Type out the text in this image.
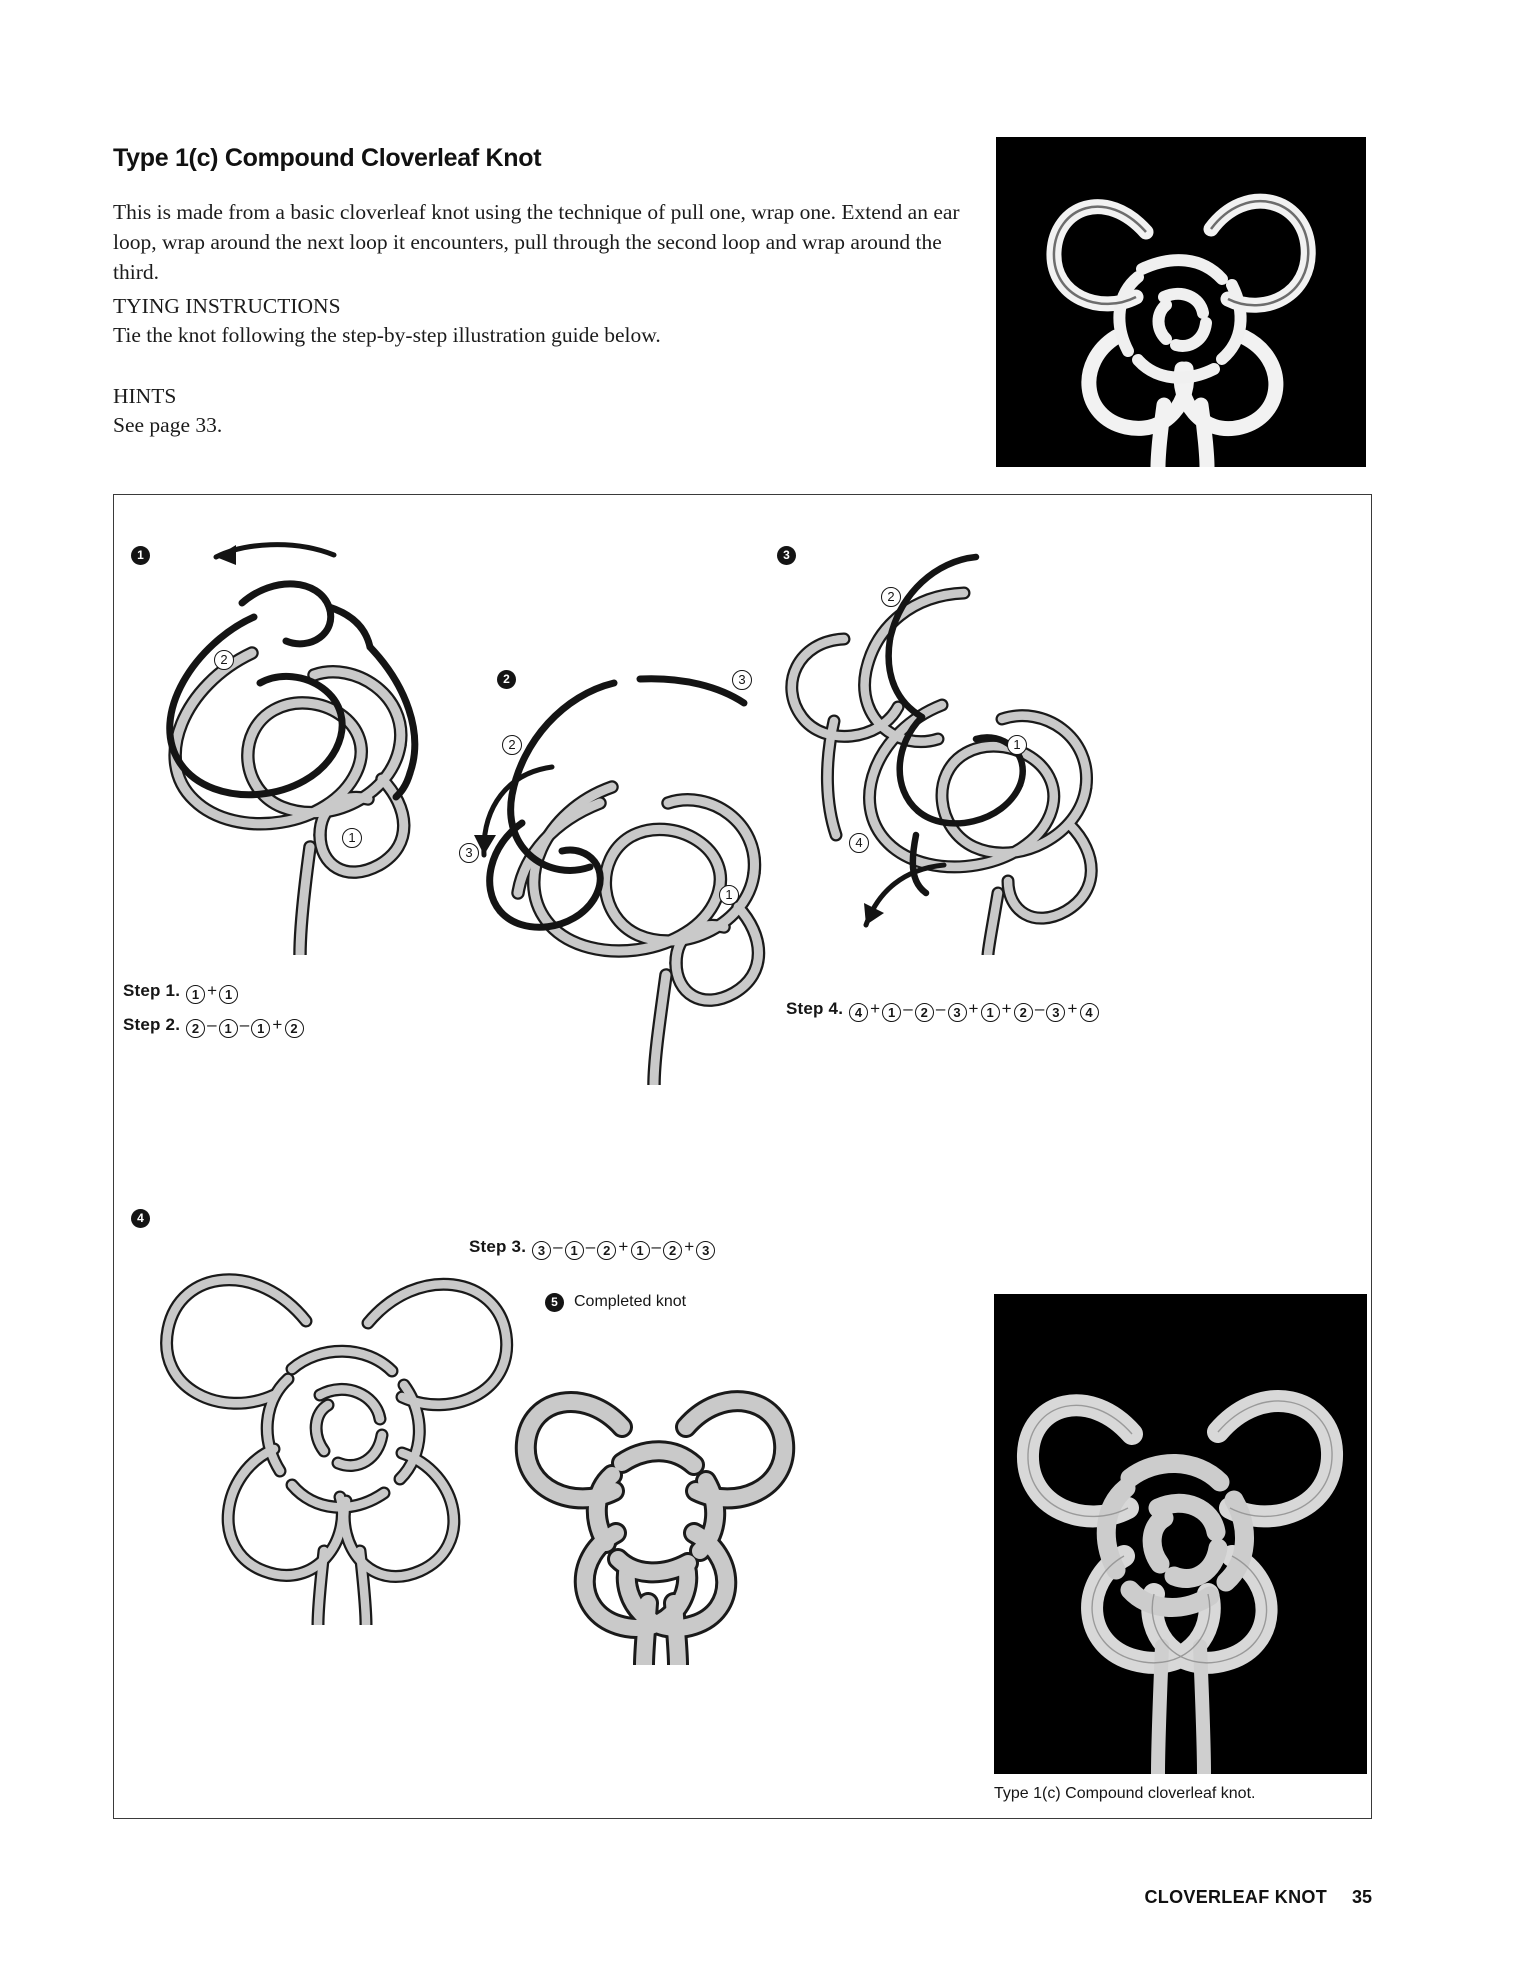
Type 1(c) Compound Cloverleaf Knot

This is made from a basic cloverleaf knot using the technique of pull one, wrap one. Extend an ear loop, wrap around the next loop it encounters, pull through the second loop and wrap around the third.

TYING INSTRUCTIONS
Tie the knot following the step-by-step illustration guide below.
HINTS
See page 33.
1
2
1
Step 1. 1 + 1
Step 2. 2 – 1 – 1 + 2
2
2
3
1
Step 3. 3 – 1 – 2 + 1 – 2 + 3
3
2
3
1
4
Step 4. 4 + 1 – 2 – 3 + 1 + 2 – 3 + 4
4
5	Completed knot
Type 1(c) Compound cloverleaf knot.
CLOVERLEAF KNOT 35
